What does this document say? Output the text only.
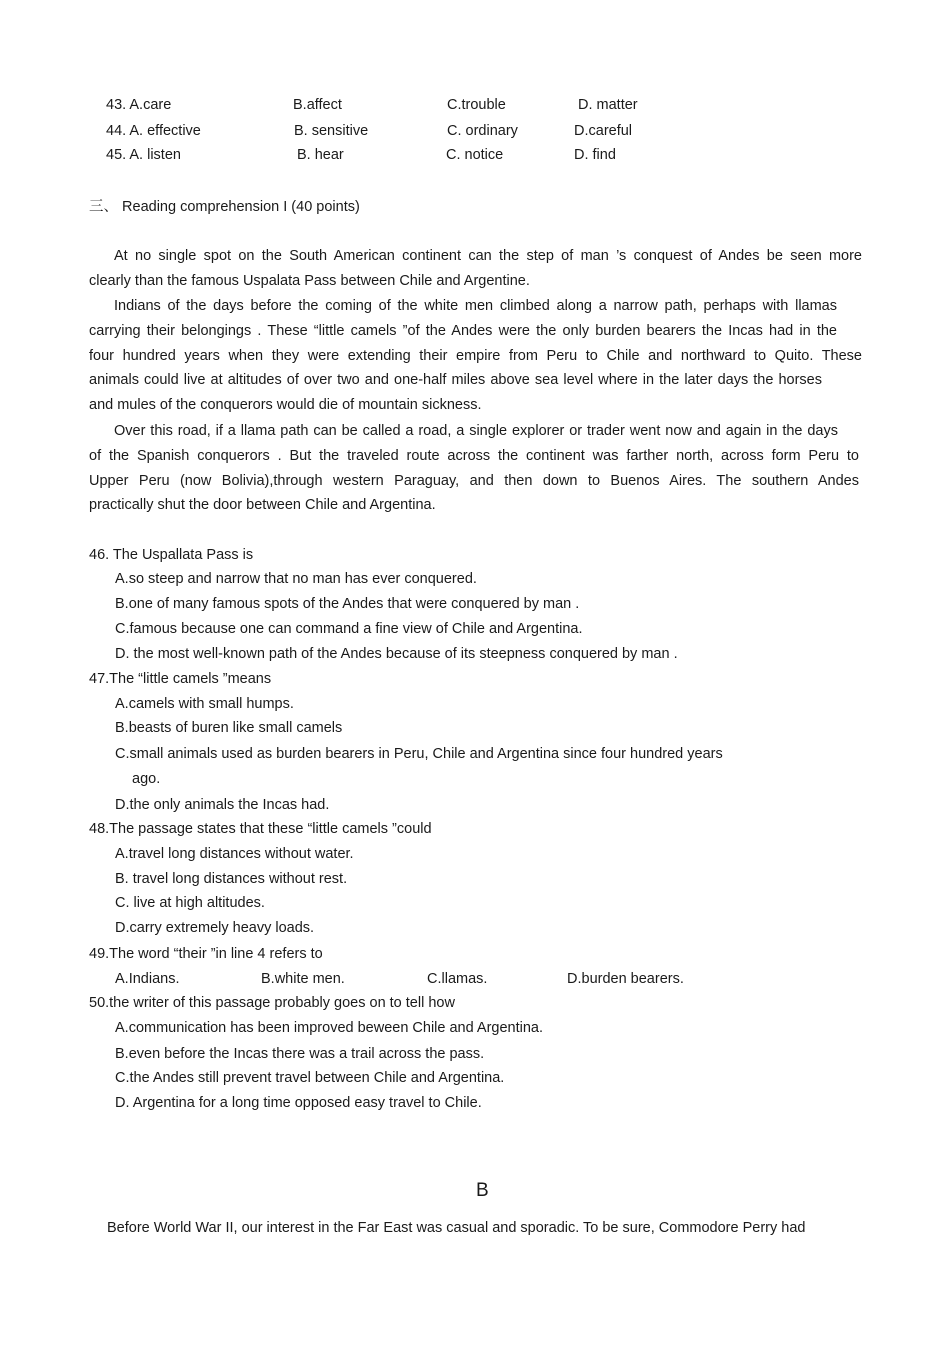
43. A.care	B.affect	C.trouble	D. matter
44. A. effective	B. sensitive	C. ordinary	D.careful
45. A. listen	B. hear	C. notice	D. find
三、 Reading comprehension I (40 points)
At no single spot on the South American continent can the step of man ’s conquest of Andes be seen more
clearly than the famous Uspalata Pass between Chile and Argentine.
Indians of the days before the coming of the white men climbed along a narrow path, perhaps with llamas
carrying their belongings . These “little camels ”of the Andes were the only burden bearers the Incas had in the
four hundred years when they were extending their empire from Peru to Chile and northward to Quito. These
animals could live at altitudes of over two and one-half miles above sea level where in the later days the horses
and mules of the conquerors would die of mountain sickness.
Over this road, if a llama path can be called a road, a single explorer or trader went now and again in the days
of the Spanish conquerors . But the traveled route across the continent was farther north, across form Peru to
Upper Peru (now Bolivia),through western Paraguay, and then down to Buenos Aires. The southern Andes
practically shut the door between Chile and Argentina.
46. The Uspallata Pass is
A.so steep and narrow that no man has ever conquered.
B.one of many famous spots of the Andes that were conquered by man .
C.famous because one can command a fine view of Chile and Argentina.
D. the most well-known path of the Andes because of its steepness conquered by man .
47.The “little camels ”means
A.camels with small humps.
B.beasts of buren like small camels
C.small animals used as burden bearers in Peru, Chile and Argentina since four hundred years
ago.
D.the only animals the Incas had.
48.The passage states that these “little camels ”could
A.travel long distances without water.
B. travel long distances without rest.
C. live at high altitudes.
D.carry extremely heavy loads.
49.The word “their ”in line 4 refers to
A.Indians.	B.white men.	C.llamas.	D.burden bearers.
50.the writer of this passage probably goes on to tell how
A.communication has been improved beween Chile and Argentina.
B.even before the Incas there was a trail across the pass.
C.the Andes still prevent travel between Chile and Argentina.
D. Argentina for a long time opposed easy travel to Chile.
B
Before World War II, our interest in the Far East was casual and sporadic. To be sure, Commodore Perry had
